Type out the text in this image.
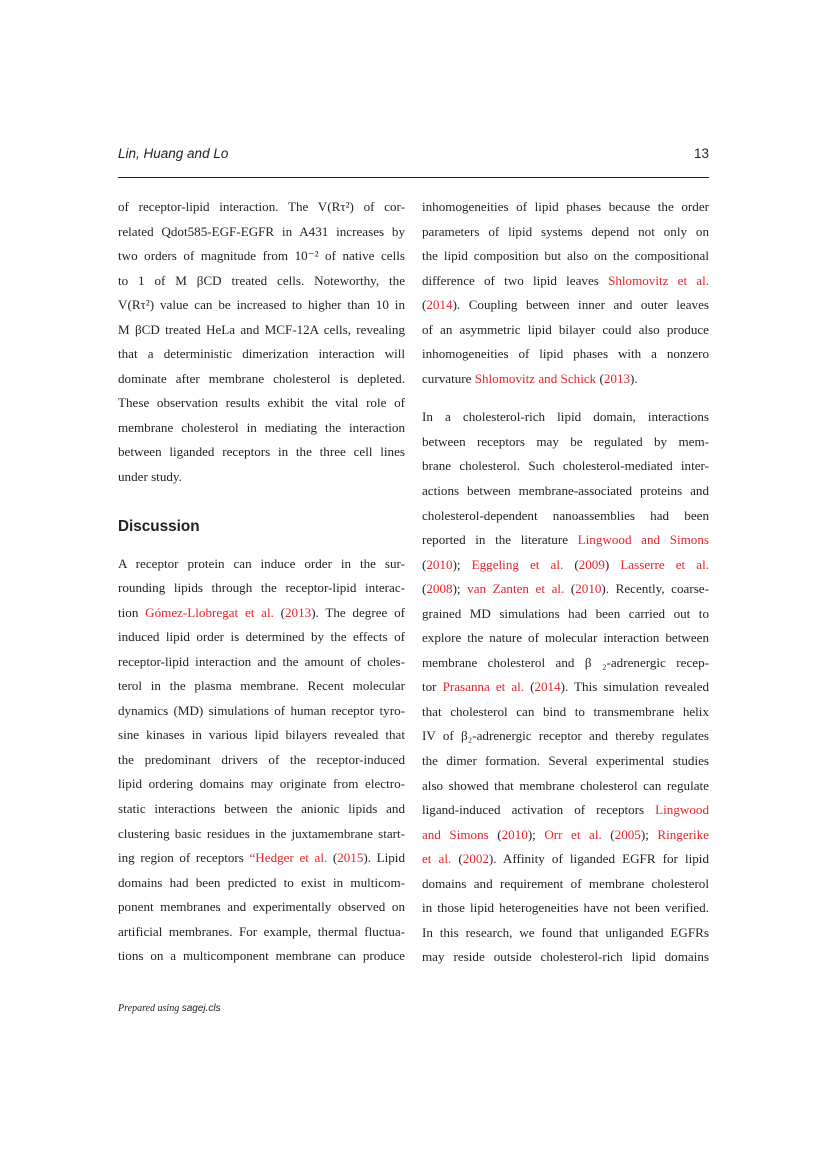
Lin, Huang and Lo	13
of receptor-lipid interaction. The V(Rτ²) of cor-
related Qdot585-EGF-EGFR in A431 increases by
two orders of magnitude from 10⁻² of native cells
to 1 of M βCD treated cells. Noteworthy, the
V(Rτ²) value can be increased to higher than 10 in
M βCD treated HeLa and MCF-12A cells, revealing
that a deterministic dimerization interaction will
dominate after membrane cholesterol is depleted.
These observation results exhibit the vital role of
membrane cholesterol in mediating the interaction
between liganded receptors in the three cell lines
under study.
Discussion
A receptor protein can induce order in the sur-
rounding lipids through the receptor-lipid interac-
tion Gómez-Llobregat et al. (2013). The degree of
induced lipid order is determined by the effects of
receptor-lipid interaction and the amount of choles-
terol in the plasma membrane. Recent molecular
dynamics (MD) simulations of human receptor tyro-
sine kinases in various lipid bilayers revealed that
the predominant drivers of the receptor-induced
lipid ordering domains may originate from electro-
static interactions between the anionic lipids and
clustering basic residues in the juxtamembrane start-
ing region of receptors “Hedger et al. (2015). Lipid
domains had been predicted to exist in multicom-
ponent membranes and experimentally observed on
artificial membranes. For example, thermal fluctua-
tions on a multicomponent membrane can produce
inhomogeneities of lipid phases because the order
parameters of lipid systems depend not only on
the lipid composition but also on the compositional
difference of two lipid leaves Shlomovitz et al.
(2014). Coupling between inner and outer leaves
of an asymmetric lipid bilayer could also produce
inhomogeneities of lipid phases with a nonzero
curvature Shlomovitz and Schick (2013).
In a cholesterol-rich lipid domain, interactions
between receptors may be regulated by mem-
brane cholesterol. Such cholesterol-mediated inter-
actions between membrane-associated proteins and
cholesterol-dependent nanoassemblies had been
reported in the literature Lingwood and Simons
(2010); Eggeling et al. (2009) Lasserre et al.
(2008); van Zanten et al. (2010). Recently, coarse-
grained MD simulations had been carried out to
explore the nature of molecular interaction between
membrane cholesterol and β ₂-adrenergic recep-
tor Prasanna et al. (2014). This simulation revealed
that cholesterol can bind to transmembrane helix
IV of β₂-adrenergic receptor and thereby regulates
the dimer formation. Several experimental studies
also showed that membrane cholesterol can regulate
ligand-induced activation of receptors Lingwood
and Simons (2010); Orr et al. (2005); Ringerike
et al. (2002). Affinity of liganded EGFR for lipid
domains and requirement of membrane cholesterol
in those lipid heterogeneities have not been verified.
In this research, we found that unliganded EGFRs
may reside outside cholesterol-rich lipid domains
Prepared using sagej.cls
